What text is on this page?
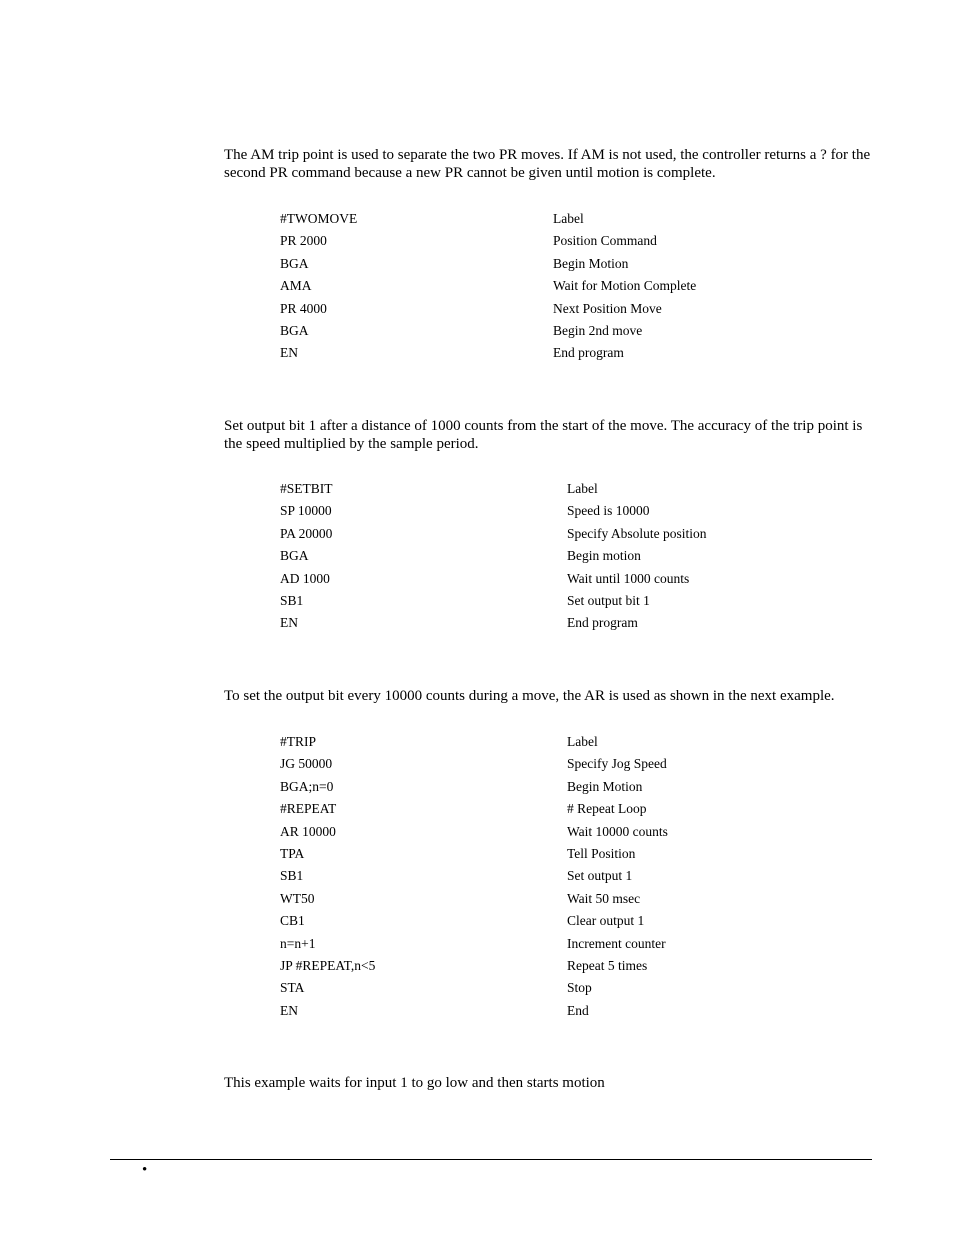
The AM trip point is used to separate the two PR moves. If AM is not used, the controller returns a ? for the second PR command because a new PR cannot be given until motion is complete.

#TWOMOVE	Label
PR 2000	Position Command
BGA	Begin Motion
AMA	Wait for Motion Complete
PR 4000	Next Position Move
BGA	Begin 2nd move
EN	End program

Set output bit 1 after a distance of 1000 counts from the start of the move. The accuracy of the trip point is the speed multiplied by the sample period.

#SETBIT	Label
SP 10000	Speed is 10000
PA 20000	Specify Absolute position
BGA	Begin motion
AD 1000	Wait until 1000 counts
SB1	Set output bit 1
EN	End program

To set the output bit every 10000 counts during a move, the AR is used as shown in the next example.

#TRIP	Label
JG 50000	Specify Jog Speed
BGA;n=0	Begin Motion
#REPEAT	# Repeat Loop
AR 10000	Wait 10000 counts
TPA	Tell Position
SB1	Set output 1
WT50	Wait 50 msec
CB1	Clear output 1
n=n+1	Increment counter
JP #REPEAT,n<5	Repeat 5 times
STA	Stop
EN	End

This example waits for input 1 to go low and then starts motion

•
